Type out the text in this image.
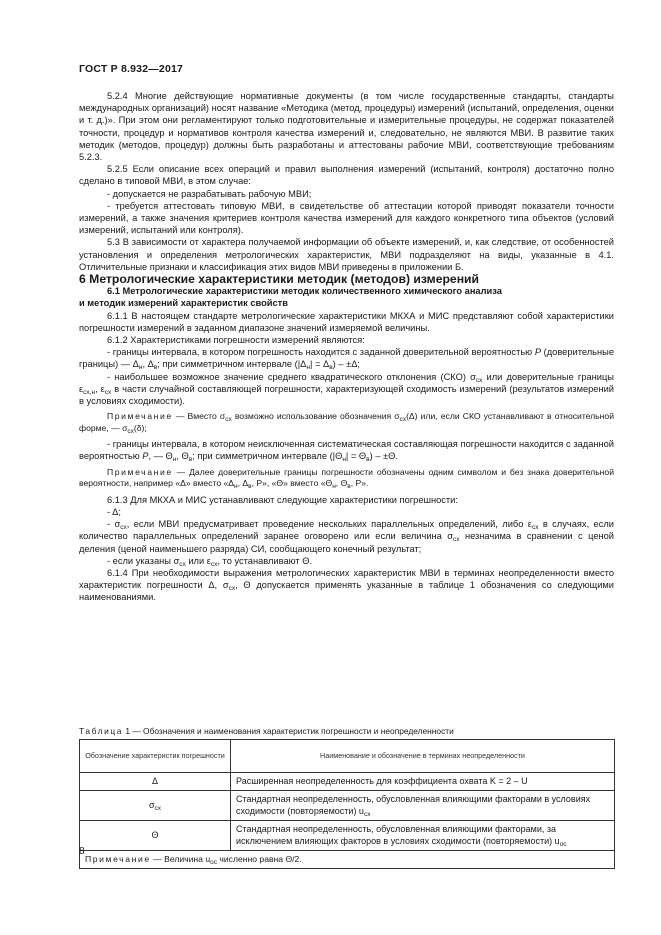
ГОСТ Р 8.932—2017

5.2.4 Многие действующие нормативные документы (в том числе государственные стандарты, стандарты международных организаций) носят название «Методика (метод, процедуры) измерений (испытаний, определения, оценки и т. д.)». При этом они регламентируют только подготовительные и измерительные процедуры, не содержат показателей точности, процедур и нормативов контроля качества измерений и, следовательно, не являются МВИ. В развитие таких методик (методов, процедур) должны быть разработаны и аттестованы рабочие МВИ, соответствующие требованиям 5.2.3.

5.2.5 Если описание всех операций и правил выполнения измерений (испытаний, контроля) достаточно полно сделано в типовой МВИ, в этом случае:

- допускается не разрабатывать рабочую МВИ;

- требуется аттестовать типовую МВИ, в свидетельстве об аттестации которой приводят показатели точности измерений, а также значения критериев контроля качества измерений для каждого конкретного типа объектов (условий измерений, испытаний или контроля).

5.3 В зависимости от характера получаемой информации об объекте измерений, и, как следствие, от особенностей установления и определения метрологических характеристик, МВИ подразделяют на виды, указанные в 4.1. Отличительные признаки и классификация этих видов МВИ приведены в приложении Б.

6 Метрологические характеристики методик (методов) измерений

6.1 Метрологические характеристики методик количественного химического анализа
и методик измерений характеристик свойств

6.1.1 В настоящем стандарте метрологические характеристики МКХА и МИС представляют собой характеристики погрешности измерений в заданном диапазоне значений измеряемой величины.

6.1.2 Характеристиками погрешности измерений являются:

- границы интервала, в котором погрешность находится с заданной доверительной вероятностью P (доверительные границы) — $\Delta_н$, $\Delta_в$; при симметричном интервале $(|\Delta_н| = \Delta_в) - \pm\Delta$;

- наибольшее возможное значение среднего квадратического отклонения (СКО) $\sigma_{сх}$ или доверительные границы $\varepsilon_{сх,н}$, $\varepsilon_{сх}$ в части случайной составляющей погрешности, характеризующей сходимость измерений (результатов измерений в условиях сходимости).

Примечание — Вместо $\sigma_{сх}$ возможно использование обозначения $\sigma_{сх}(\Delta)$ или, если СКО устанавливают в относительной форме, — $\sigma_{сх}(\delta)$;

- границы интервала, в котором неисключенная систематическая составляющая погрешности находится с заданной вероятностью P, — $\Theta_н$, $\Theta_в$; при симметричном интервале $(|\Theta_н| = \Theta_в) - \pm\Theta$.

Примечание — Далее доверительные границы погрешности обозначены одним символом и без знака доверительной вероятности, например «Δ» вместо «$\Delta_н$, $\Delta_в$, P», «Θ» вместо «$\Theta_н$, $\Theta_в$, P».

6.1.3 Для МКХА и МИС устанавливают следующие характеристики погрешности:

- Δ;

- $\sigma_{сх}$, если МВИ предусматривает проведение нескольких параллельных определений, либо $\varepsilon_{сх}$ в случаях, если количество параллельных определений заранее оговорено или если величина $\sigma_{сх}$ незначима в сравнении с ценой деления (ценой наименьшего разряда) СИ, сообщающего конечный результат;

- если указаны $\sigma_{сх}$ или $\varepsilon_{сх}$, то устанавливают Θ.

6.1.4 При необходимости выражения метрологических характеристик МВИ в терминах неопределенности вместо характеристик погрешности Δ, $\sigma_{сх}$, Θ допускается применять указанные в таблице 1 обозначения со следующими наименованиями.

Таблица 1 — Обозначения и наименования характеристик погрешности и неопределенности
Обозначение характеристик погрешности	Наименование и обозначение в терминах неопределенности
Δ	Расширенная неопределенность для коэффициента охвата K = 2 – U
$\sigma_{сх}$	Стандартная неопределенность, обусловленная влияющими факторами в условиях сходимости (повторяемости) $u_{сх}$
Θ	Стандартная неопределенность, обусловленная влияющими факторами, за исключением влияющих факторов в условиях сходимости (повторяемости) $u_{ос}$
Примечание — Величина $u_{ос}$ численно равна Θ/2.	
8
